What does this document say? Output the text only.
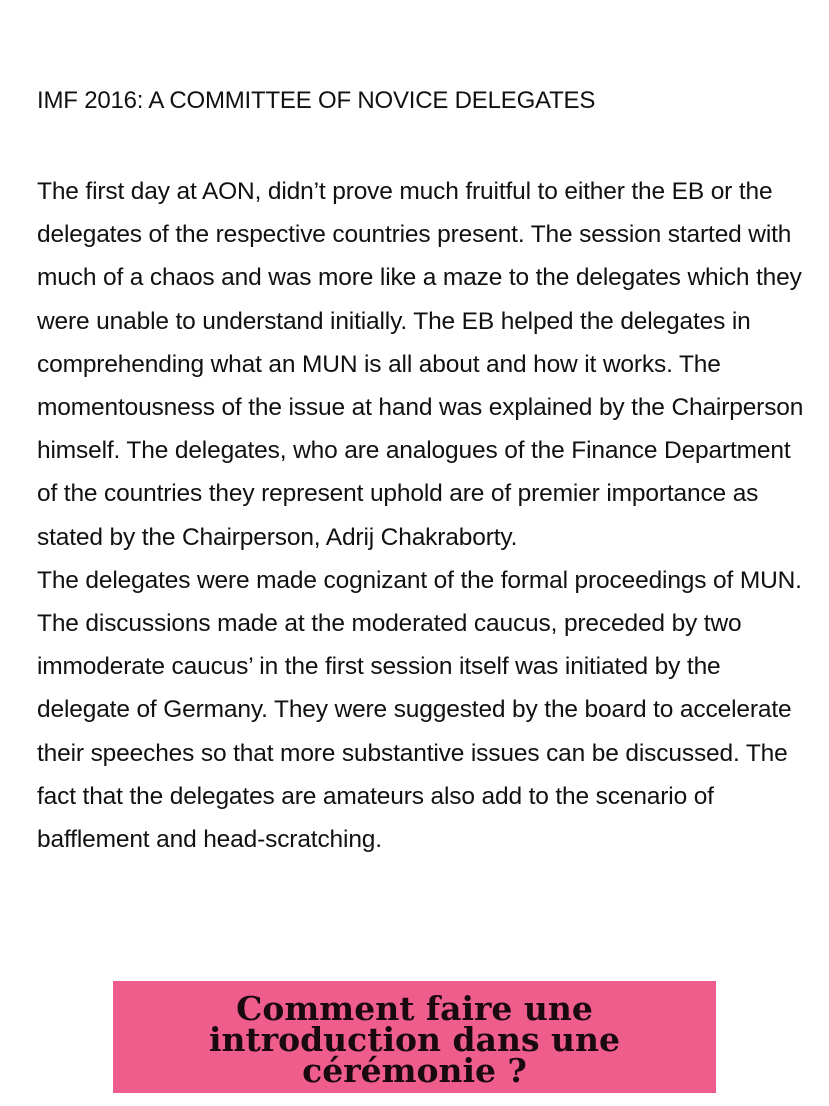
IMF 2016: A COMMITTEE OF NOVICE DELEGATES

The first day at AON, didn’t prove much fruitful to either the EB or the delegates of the respective countries present. The session started with much of a chaos and was more like a maze to the delegates which they were unable to understand initially. The EB helped the delegates in comprehending what an MUN is all about and how it works. The momentousness of the issue at hand was explained by the Chairperson himself. The delegates, who are analogues of the Finance Department of the countries they represent uphold are of premier importance as stated by the Chairperson, Adrij Chakraborty.

The delegates were made cognizant of the formal proceedings of MUN. The discussions made at the moderated caucus, preceded by two immoderate caucus’ in the first session itself was initiated by the delegate of Germany. They were suggested by the board to accelerate their speeches so that more substantive issues can be discussed. The fact that the delegates are amateurs also add to the scenario of bafflement and head-scratching.

Comment faire une introduction dans une cérémonie ?
